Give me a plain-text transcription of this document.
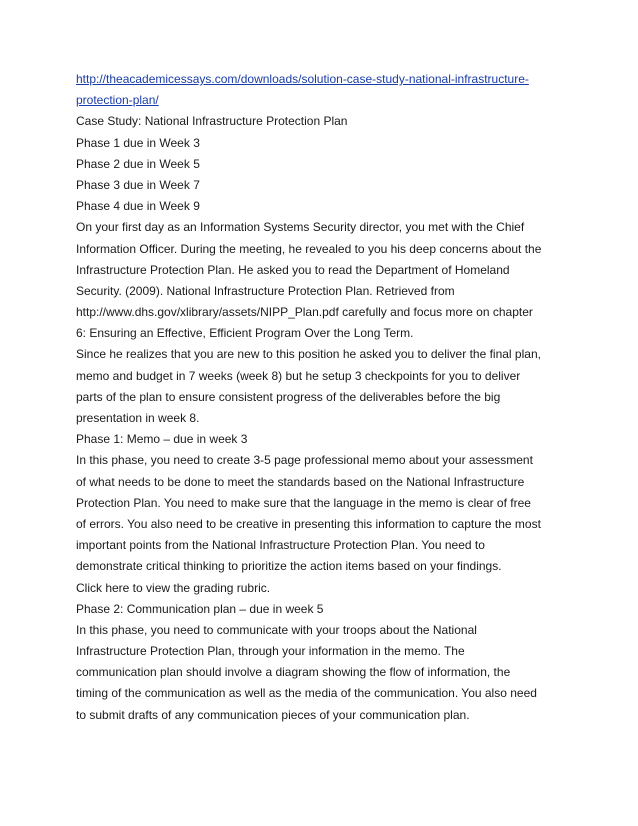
http://theacademicessays.com/downloads/solution-case-study-national-infrastructure-
protection-plan/
Case Study: National Infrastructure Protection Plan
Phase 1 due in Week 3
Phase 2 due in Week 5
Phase 3 due in Week 7
Phase 4 due in Week 9
On your first day as an Information Systems Security director, you met with the Chief
Information Officer. During the meeting, he revealed to you his deep concerns about the
Infrastructure Protection Plan. He asked you to read the Department of Homeland
Security. (2009). National Infrastructure Protection Plan. Retrieved from
http://www.dhs.gov/xlibrary/assets/NIPP_Plan.pdf carefully and focus more on chapter
6: Ensuring an Effective, Efficient Program Over the Long Term.
Since he realizes that you are new to this position he asked you to deliver the final plan,
memo and budget in 7 weeks (week 8) but he setup 3 checkpoints for you to deliver
parts of the plan to ensure consistent progress of the deliverables before the big
presentation in week 8.
Phase 1: Memo – due in week 3
In this phase, you need to create 3-5 page professional memo about your assessment
of what needs to be done to meet the standards based on the National Infrastructure
Protection Plan. You need to make sure that the language in the memo is clear of free
of errors. You also need to be creative in presenting this information to capture the most
important points from the National Infrastructure Protection Plan. You need to
demonstrate critical thinking to prioritize the action items based on your findings.
Click here to view the grading rubric.
Phase 2: Communication plan – due in week 5
In this phase, you need to communicate with your troops about the National
Infrastructure Protection Plan, through your information in the memo. The
communication plan should involve a diagram showing the flow of information, the
timing of the communication as well as the media of the communication. You also need
to submit drafts of any communication pieces of your communication plan.
